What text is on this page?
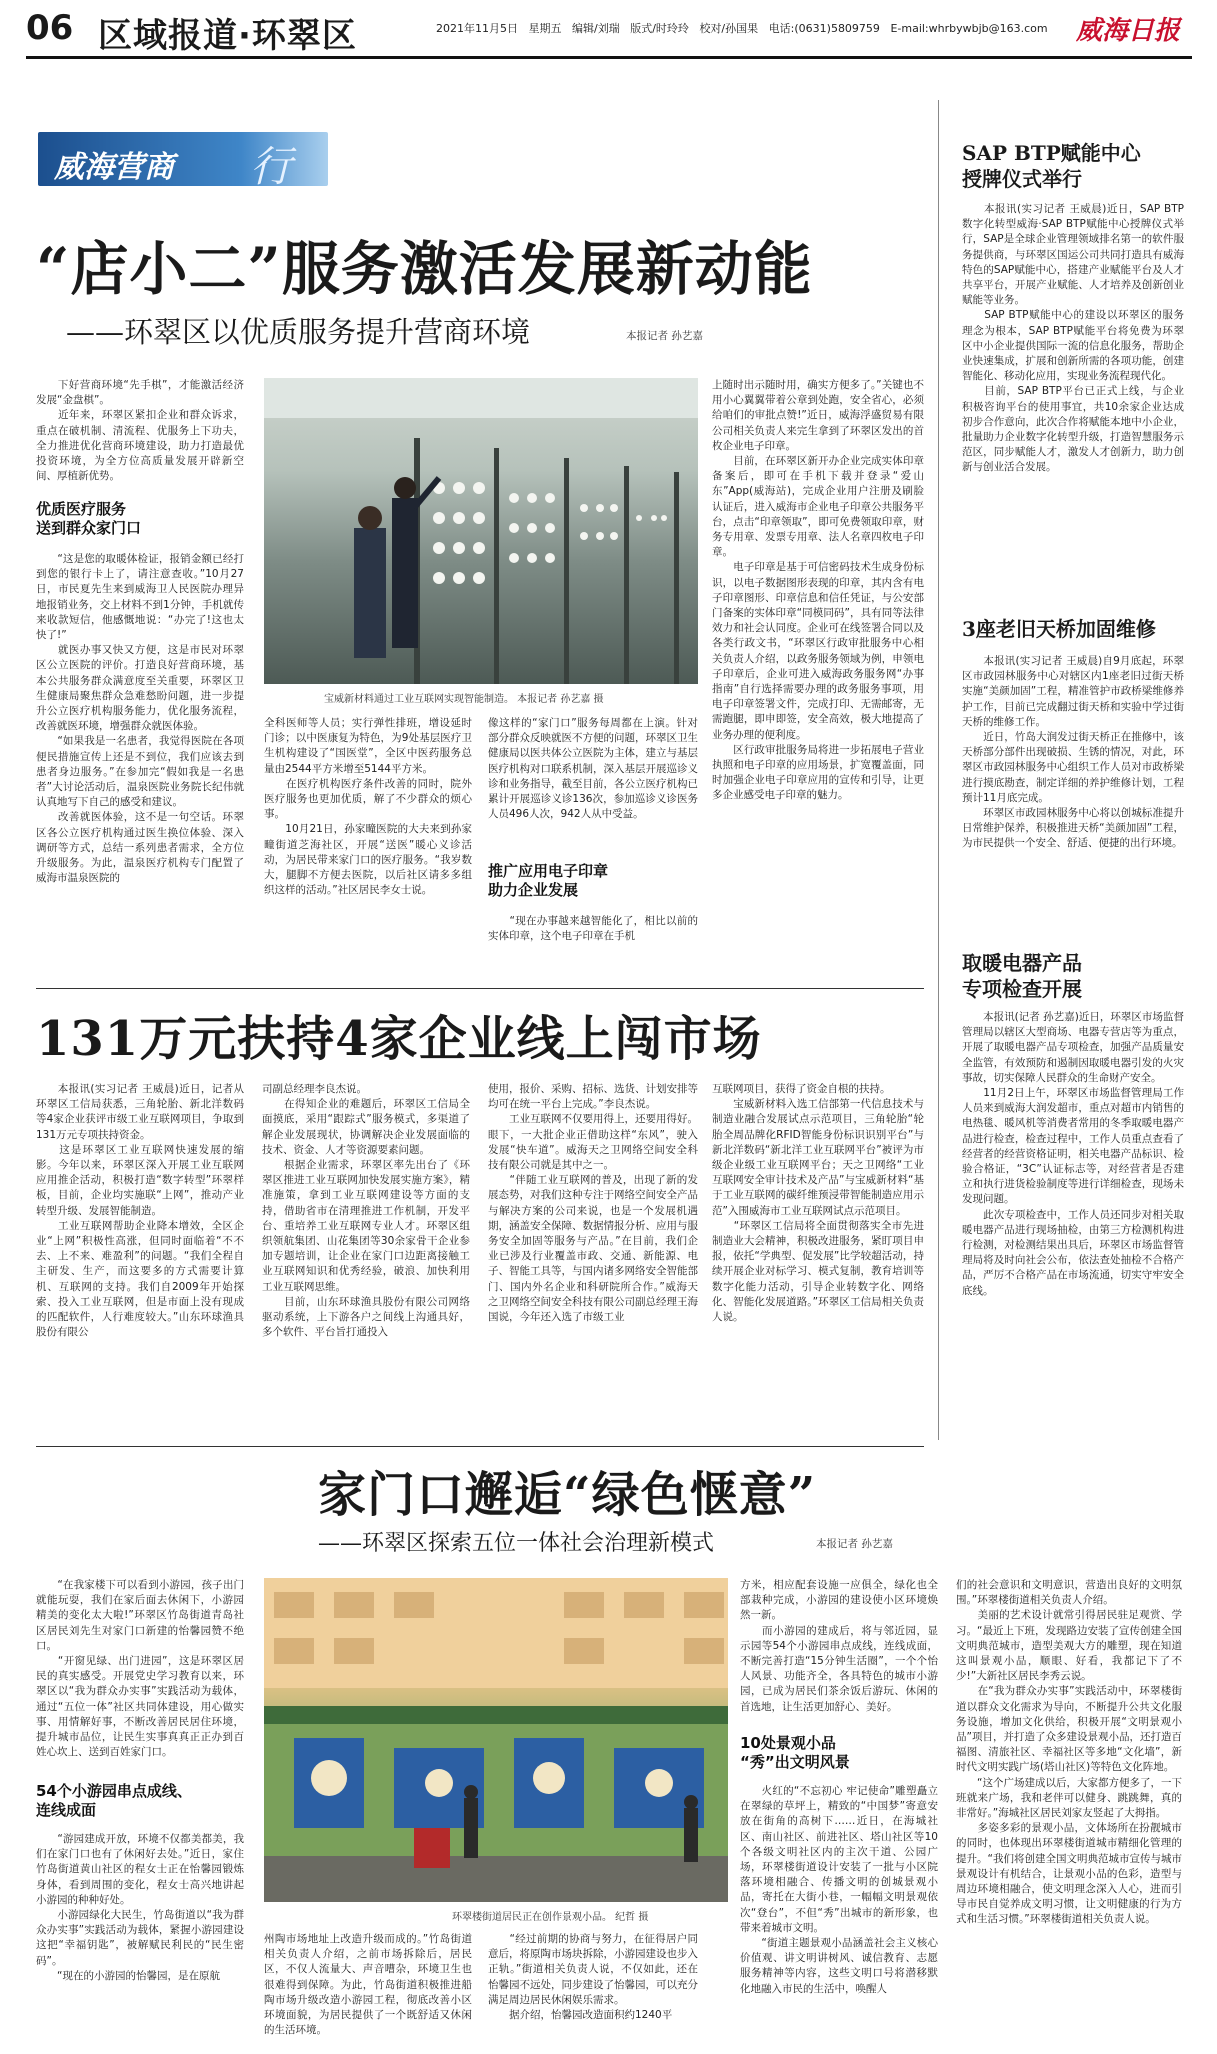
06 区域报道·环翠区	2021年11月5日 星期五 编辑/刘瑞 版式/时玲玲 校对/孙国果 电话:(0631)5809759 E-mail:whrbywbjb@163.com 威海日报
威海营商 行
“店小二”服务激活发展新动能
——环翠区以优质服务提升营商环境	本报记者 孙艺嘉
　　下好营商环境“先手棋”，才能激活经济发展“金盘棋”。
　　近年来，环翠区紧扣企业和群众诉求，重点在破机制、清流程、优服务上下功夫，全力推进优化营商环境建设，助力打造最优投资环境，为全方位高质量发展开辟新空间、厚植新优势。
优质医疗服务
送到群众家门口
　　“这是您的取暖体检证，报销金额已经打到您的银行卡上了，请注意查收。”10月27日，市民夏先生来到威海卫人民医院办理异地报销业务，交上材料不到1分钟，手机就传来收款短信，他感慨地说：“办完了!这也太快了!”
　　就医办事又快又方便，这是市民对环翠区公立医院的评价。打造良好营商环境，基本公共服务群众满意度至关重要，环翠区卫生健康局聚焦群众急难愁盼问题，进一步提升公立医疗机构服务能力，优化服务流程，改善就医环境，增强群众就医体验。
　　“如果我是一名患者，我觉得医院在各项便民措施宣传上还是不到位，我们应该去到患者身边服务。”在参加完“假如我是一名患者”大讨论活动后，温泉医院业务院长纪伟就认真地写下自己的感受和建议。
　　改善就医体验，这不是一句空话。环翠区各公立医疗机构通过医生换位体验、深入调研等方式，总结一系列患者需求，全方位升级服务。为此，温泉医疗机构专门配置了威海市温泉医院的
宝威新材料通过工业互联网实现智能制造。 本报记者 孙艺嘉 摄
全科医师等人员；实行弹性排班，增设延时门诊；以中医康复为特色，为9处基层医疗卫生机构建设了“国医堂”，全区中医药服务总量由2544平方米增至5144平方米。
　　在医疗机构医疗条件改善的同时，院外医疗服务也更加优质，解了不少群众的烦心事。
　　10月21日，孙家疃医院的大夫来到孙家疃街道芝海社区，开展“送医”暖心义诊活动，为居民带来家门口的医疗服务。“我岁数大，腿脚不方便去医院，以后社区请多多组织这样的活动。”社区居民李女士说。
像这样的“家门口”服务每周都在上演。针对部分群众反映就医不方便的问题，环翠区卫生健康局以医共体公立医院为主体，建立与基层医疗机构对口联系机制，深入基层开展巡诊义诊和业务指导，截至目前，各公立医疗机构已累计开展巡诊义诊136次，参加巡诊义诊医务人员496人次，942人从中受益。
推广应用电子印章
助力企业发展
　　“现在办事越来越智能化了，相比以前的实体印章，这个电子印章在手机
上随时出示随时用，确实方便多了。”关键也不用小心翼翼带着公章到处跑，安全省心，必须给咱们的审批点赞!”近日，威海浮盛贸易有限公司相关负责人来完生拿到了环翠区发出的首枚企业电子印章。
　　目前，在环翠区新开办企业完成实体印章备案后，即可在手机下载并登录“爱山东”App(威海站)，完成企业用户注册及刷脸认证后，进入威海市企业电子印章公共服务平台，点击“印章领取”，即可免费领取印章，财务专用章、发票专用章、法人名章四枚电子印章。
　　电子印章是基于可信密码技术生成身份标识，以电子数据图形表现的印章，其内含有电子印章图形、印章信息和信任凭证，与公安部门备案的实体印章“同模同码”，具有同等法律效力和社会认同度。企业可在线签署合同以及各类行政文书，“环翠区行政审批服务中心相关负责人介绍，以政务服务领域为例，申领电子印章后，企业可进入威海政务服务网“办事指南”自行选择需要办理的政务服务事项，用电子印章签署文件，完成打印、无需邮寄，无需跑腿，即申即签，安全高效，极大地提高了业务办理的便利度。
　　区行政审批服务局将进一步拓展电子营业执照和电子印章的应用场景，扩宽覆盖面，同时加强企业电子印章应用的宣传和引导，让更多企业感受电子印章的魅力。
131万元扶持4家企业线上闯市场
　　本报讯(实习记者 王威晨)近日，记者从环翠区工信局获悉，三角轮胎、新北洋数码等4家企业获评市级工业互联网项目，争取到131万元专项扶持资金。
　　这是环翠区工业互联网快速发展的缩影。今年以来，环翠区深入开展工业互联网应用推企活动，积极打造“数字转型”环翠样板，目前，企业均实施联“上网”，推动产业转型升级、发展智能制造。
　　工业互联网帮助企业降本增效，全区企业“上网”积极性高涨，但同时面临着“不不去、上不来、难盈利”的问题。“我们全程自主研发、生产，而这要多的方式需要计算机、互联网的支持。我们自2009年开始探索、投入工业互联网，但是市面上没有现成的匹配软件，人行难度较大。”山东环球渔具股份有限公
司副总经理李良杰说。
　　在得知企业的难题后，环翠区工信局全面摸底，采用“跟踪式”服务模式，多渠道了解企业发展现状，协调解决企业发展面临的技术、资金、人才等资源要素问题。
　　根据企业需求，环翠区率先出台了《环翠区推进工业互联网加快发展实施方案》，精准施策，拿到工业互联网建设等方面的支持，借助省市在清理推进工作机制，开发平台、重培养工业互联网专业人才。环翠区组织领航集团、山花集团等30余家骨干企业参加专题培训，让企业在家门口边距离接触工业互联网知识和优秀经验，破浪、加快利用工业互联网思维。
　　目前，山东环球渔具股份有限公司网络驱动系统，上下游各户之间线上沟通具好，多个软件、平台旨打通投入
使用，报价、采购、招标、选货、计划安排等均可在统一平台上完成。”李良杰说。
　　工业互联网不仅要用得上，还要用得好。眼下，一大批企业正借助这样“东风”，驶入发展“快车道”。威海天之卫网络空间安全科技有限公司就是其中之一。
　　“伴随工业互联网的普及，出现了新的发展态势，对我们这种专注于网络空间安全产品与解决方案的公司来说，也是一个发展机遇期，涵盖安全保障、数据情报分析、应用与服务安全加固等服务与产品。”在目前，我们企业已涉及行业覆盖市政、交通、新能源、电子、智能工具等，与国内诸多网络安全智能部门、国内外名企业和科研院所合作。”威海天之卫网络空间安全科技有限公司副总经理王海国说，今年还入选了市级工业
互联网项目，获得了资金自根的扶持。
　　宝威新材料入选工信部第一代信息技术与制造业融合发展试点示范项目，三角轮胎“轮胎全周品牌化RFID智能身份标识识别平台”与新北洋数码“新北洋工业互联网平台”被评为市级企业级工业互联网平台；天之卫网络“工业互联网安全审计技术及产品”与宝威新材料“基于工业互联网的碳纤维预浸带智能制造应用示范”入围威海市工业互联网试点示范项目。
　　“环翠区工信局将全面贯彻落实全市先进制造业大会精神，积极改进服务，紧盯项目申报，依托“学典型、促发展”比学较超活动，持续开展企业对标学习、模式复制，教育培训等数字化能力活动，引导企业转数字化、网络化、智能化发展道路。”环翠区工信局相关负责人说。
家门口邂逅“绿色惬意”
——环翠区探索五位一体社会治理新模式	本报记者 孙艺嘉
　　“在我家楼下可以看到小游园，孩子出门就能玩耍，我们在家后面去休闲下，小游园精美的变化太大啦!”环翠区竹岛街道青岛社区居民刘先生对家门口新建的怡馨园赞不绝口。
　　“开窗见绿、出门进园”，这是环翠区居民的真实感受。开展党史学习教育以来，环翠区以“我为群众办实事”实践活动为载体，通过“五位一体”社区共同体建设，用心做实事、用情解好事，不断改善居民居住环境，提升城市品位，让民生实事真真正正办到百姓心坎上、送到百姓家门口。
54个小游园串点成线、
连线成面
　　“游园建成开放，环境不仅都美都美，我们在家门口也有了休闲好去处。”近日，家住竹岛街道黄山社区的程女士正在怡馨园锻炼身体，看到周围的变化，程女士高兴地讲起小游园的种种好处。
　　小游园绿化大民生，竹岛街道以“我为群众办实事”实践活动为载体，紧握小游园建设这把“幸福钥匙”，被解赋民利民的“民生密码”。
　　“现在的小游园的怡馨园，是在原航
环翠楼街道居民正在创作景观小品。 纪哲 摄
州陶市场地址上改造升级而成的。”竹岛街道相关负责人介绍，之前市场拆除后，居民区，不仅人流量大、声音嘈杂，环境卫生也很难得到保障。为此，竹岛街道积极推进船陶市场升级改造小游园工程，彻底改善小区环境面貌，为居民提供了一个既舒适又休闲的生活环境。
　　“经过前期的协商与努力，在征得居户同意后，将原陶市场块拆除，小游园建设也步入正轨。”街道相关负责人说，不仅如此，还在怡馨园不远处，同步建设了怡馨园，可以充分满足周边居民休闲娱乐需求。
　　据介绍，怡馨园改造面积约1240平
方米，相应配套设施一应俱全，绿化也全部栽种完成，小游园的建设使小区环境焕然一新。
　　而小游园的建成后，将与邻近园，显示园等54个小游园串点成线，连线成面，不断完善打造“15分钟生活圈”，一个个怡人风景、功能齐全，各具特色的城市小游园，已成为居民们茶余饭后游玩、休闲的首选地，让生活更加舒心、美好。
10处景观小品
“秀”出文明风景
　　火红的“不忘初心 牢记使命”雕塑矗立在翠绿的草坪上，精致的“中国梦”寄意安放在街角的高树下……近日，在海城社区、南山社区、前进社区、塔山社区等10个各级文明社区内的主次干道、公园广场，环翠楼街道设计安装了一批与小区院落环境相融合、传播文明的创城景观小品，寄托在大街小巷，一幅幅文明景观依次“登台”，不但“秀”出城市的新形象，也带来着城市文明。
　　“街道主题景观小品涵盖社会主义核心价值观、讲文明讲树风、诚信教育、志愿服务精神等内容，这些文明口号将潜移默化地融入市民的生活中，唤醒人
们的社会意识和文明意识，营造出良好的文明氛围。”环翠楼街道相关负责人介绍。
　　美丽的艺术设计就常引得居民驻足观赏、学习。“最近上下班，发现路边安装了宣传创建全国文明典范城市，造型美观大方的雕塑，现在知道这叫景观小品，顺眼、好看，我都记下了不少!”大新社区居民李秀云说。
　　在“我为群众办实事”实践活动中，环翠楼街道以群众文化需求为导向，不断提升公共文化服务设施，增加文化供给，积极开展“文明景观小品”项目，并打造了众多建设景观小品，还打造百福图、清旅社区、幸福社区等多地“文化墙”，新时代文明实践广场(塔山社区)等特色文化阵地。
　　“这个广场建成以后，大家都方便多了，一下班就来广场，我和老伴可以健身、跳跳舞，真的非常好。”海城社区居民刘家友竖起了大拇指。
　　多姿多彩的景观小品，文体场所在扮靓城市的同时，也体现出环翠楼街道城市精细化管理的提升。“我们将创建全国文明典范城市宣传与城市景观设计有机结合，让景观小品的色彩，造型与周边环境相融合，使文明理念深入人心，进而引导市民自觉养成文明习惯，让文明健康的行为方式和生活习惯。”环翠楼街道相关负责人说。
SAP BTP赋能中心
授牌仪式举行
　　本报讯(实习记者 王威晨)近日，SAP BTP数字化转型威海·SAP BTP赋能中心授牌仪式举行，SAP是全球企业管理领域排名第一的软件服务提供商，与环翠区国运公司共同打造具有威海特色的SAP赋能中心，搭建产业赋能平台及人才共享平台，开展产业赋能、人才培养及创新创业赋能等业务。
　　SAP BTP赋能中心的建设以环翠区的服务理念为根本，SAP BTP赋能平台将免费为环翠区中小企业提供国际一流的信息化服务，帮助企业快速集成，扩展和创新所需的各项功能，创建智能化、移动化应用，实现业务流程现代化。
　　目前，SAP BTP平台已正式上线，与企业积极咨询平台的使用事宜，共10余家企业达成初步合作意向，此次合作将赋能本地中小企业，批量助力企业数字化转型升级，打造智慧服务示范区，同步赋能人才，激发人才创新力，助力创新与创业活合发展。
3座老旧天桥加固维修
　　本报讯(实习记者 王威晨)自9月底起，环翠区市政园林服务中心对辖区内1座老旧过街天桥实施“美颜加固”工程，精准管护市政桥梁维修养护工作，目前已完成翻过街天桥和实验中学过街天桥的维修工作。
　　近日，竹岛大润发过街天桥正在推修中，该天桥部分部件出现破损、生锈的情况，对此，环翠区市政园林服务中心组织工作人员对市政桥梁进行摸底勘查，制定详细的养护维修计划，工程预计11月底完成。
　　环翠区市政园林服务中心将以创城标准提升日常维护保养，积极推进天桥“美颜加固”工程，为市民提供一个安全、舒适、便捷的出行环境。
取暖电器产品
专项检查开展
　　本报讯(记者 孙艺嘉)近日，环翠区市场监督管理局以辖区大型商场、电器专营店等为重点，开展了取暖电器产品专项检查，加强产品质量安全监管，有效预防和遏制因取暖电器引发的火灾事故，切实保障人民群众的生命财产安全。
　　11月2日上午，环翠区市场监督管理局工作人员来到威海大润发超市，重点对超市内销售的电热毯、暖风机等消费者常用的冬季取暖电器产品进行检查，检查过程中，工作人员重点查看了经营者的经营资格证明，相关电器产品标识、检验合格证，“3C”认证标志等，对经营者是否建立和执行进货检验制度等进行详细检查，现场未发现问题。
　　此次专项检查中，工作人员还同步对相关取暖电器产品进行现场抽检，由第三方检测机构进行检测，对检测结果出具后，环翠区市场监督管理局将及时向社会公布，依法查处抽检不合格产品，严厉不合格产品在市场流通，切实守牢安全底线。
